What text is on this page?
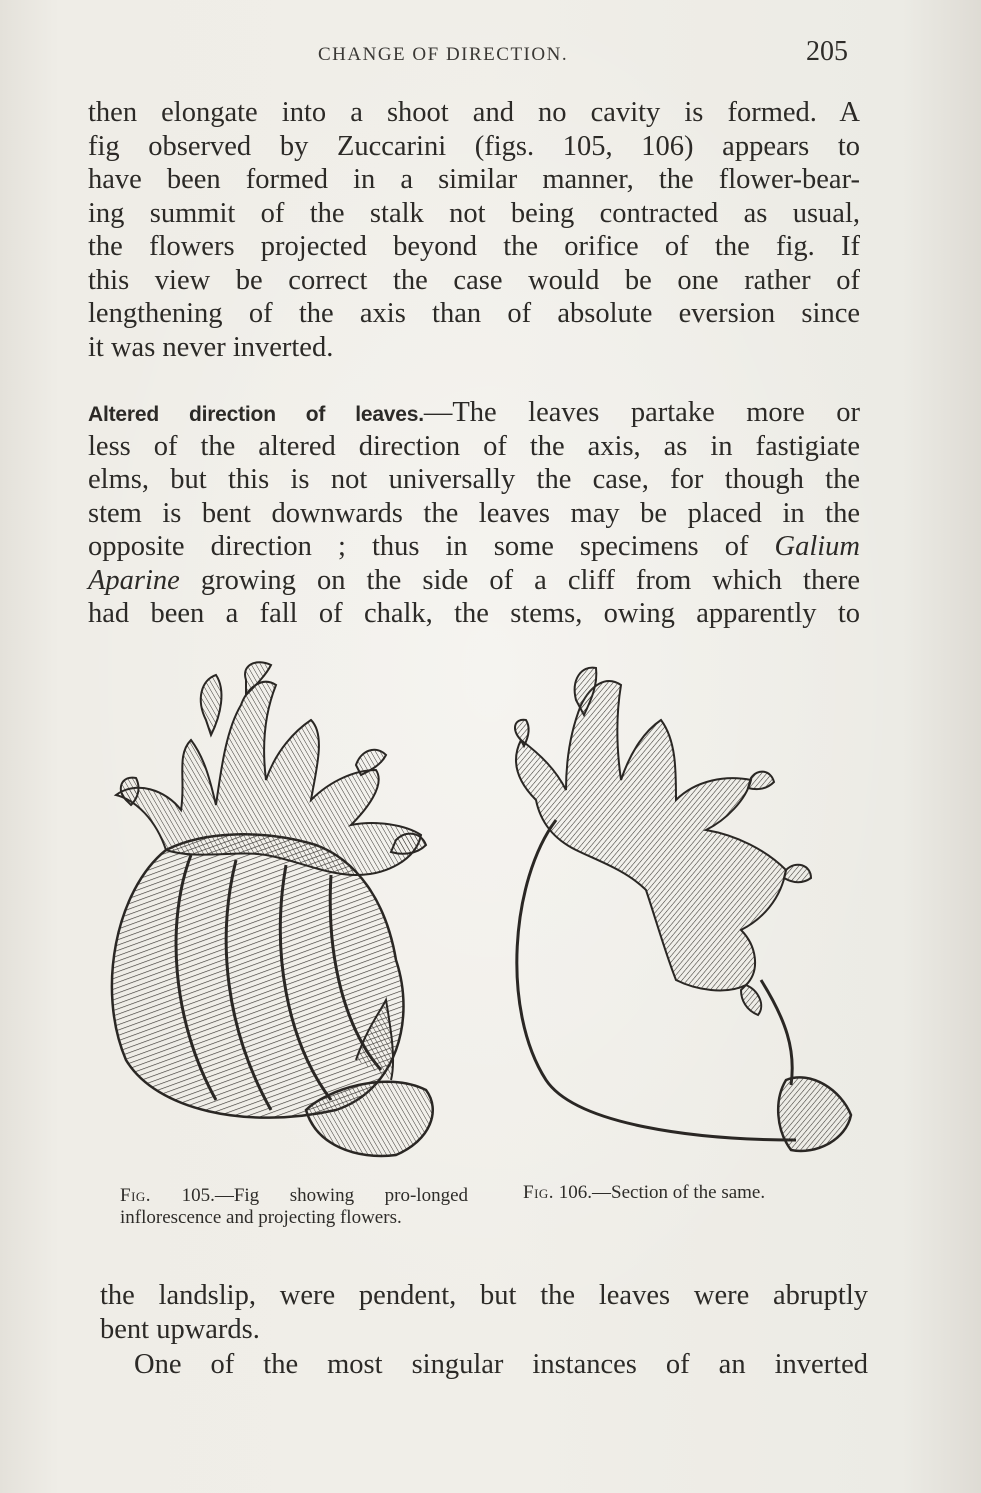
CHANGE OF DIRECTION.	205
then elongate into a shoot and no cavity is formed. A
fig observed by Zuccarini (figs. 105, 106) appears to
have been formed in a similar manner, the flower-bear-
ing summit of the stalk not being contracted as usual,
the flowers projected beyond the orifice of the fig. If
this view be correct the case would be one rather of
lengthening of the axis than of absolute eversion since
it was never inverted.
Altered direction of leaves.—The leaves partake more or
less of the altered direction of the axis, as in fastigiate
elms, but this is not universally the case, for though the
stem is bent downwards the leaves may be placed in the
opposite direction ; thus in some specimens of Galium
Aparine growing on the side of a cliff from which there
had been a fall of chalk, the stems, owing apparently to
Fig. 105.—Fig showing pro-longed inflorescence and projecting flowers.
Fig. 106.—Section of the same.
the landslip, were pendent, but the leaves were abruptly
bent upwards.
One of the most singular instances of an inverted
